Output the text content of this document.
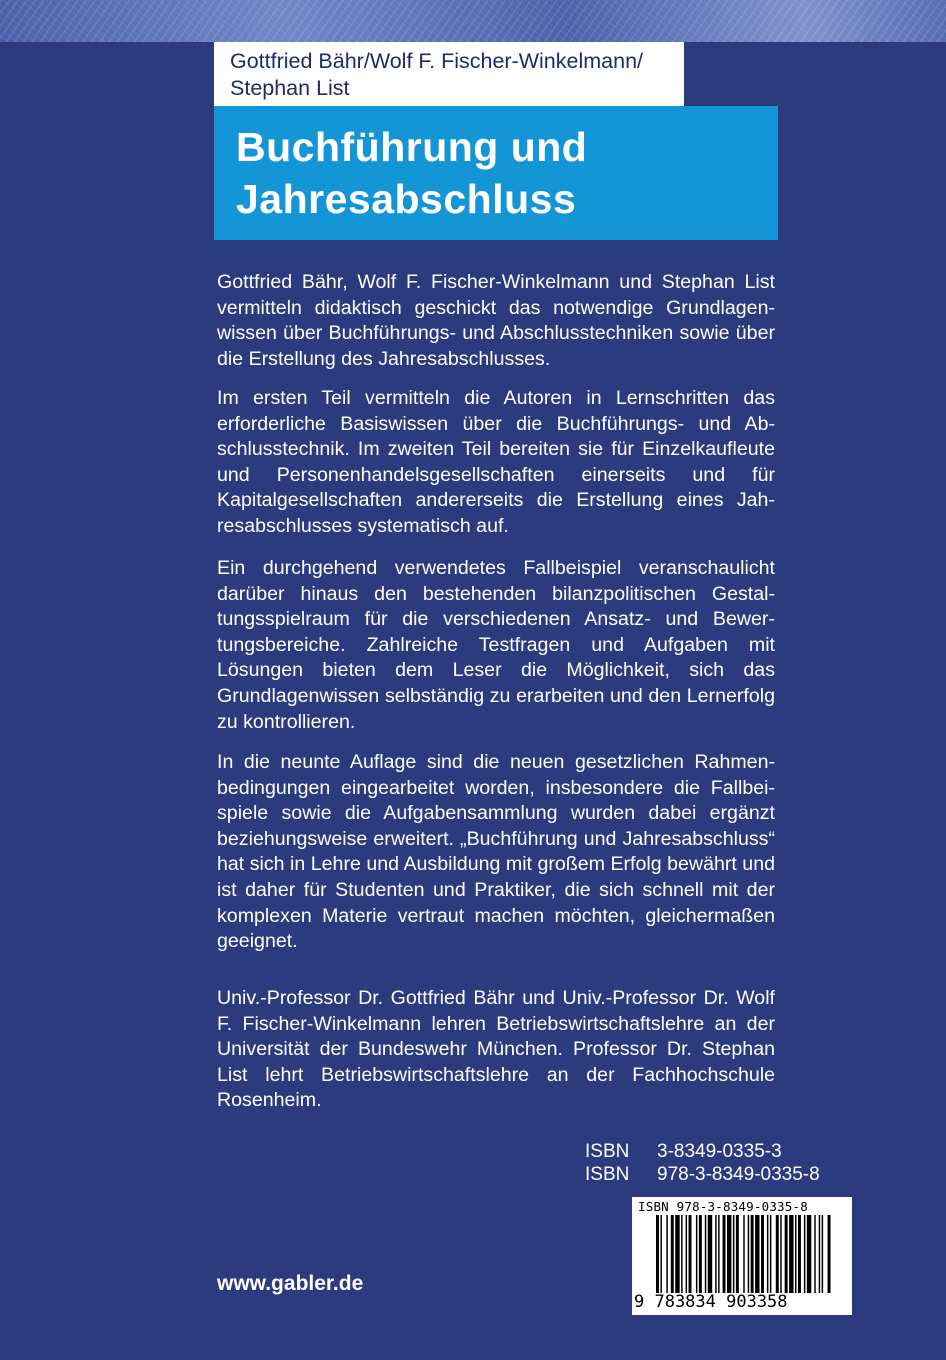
Gottfried Bähr/Wolf F. Fischer-Winkelmann/
Stephan List
Buchführung und
Jahresabschluss

Gottfried Bähr, Wolf F. Fischer-Winkelmann und Stephan List vermitteln didaktisch geschickt das notwendige Grundlagenwissen über Buchführungs- und Abschlusstechniken sowie über die Erstellung des Jahresabschlusses.

Im ersten Teil vermitteln die Autoren in Lernschritten das erforderliche Basiswissen über die Buchführungs- und Abschlusstechnik. Im zweiten Teil bereiten sie für Einzelkaufleute und Personenhandelsgesellschaften einerseits und für Kapitalgesellschaften andererseits die Erstellung eines Jahresabschlusses systematisch auf.

Ein durchgehend verwendetes Fallbeispiel veranschaulicht darüber hinaus den bestehenden bilanzpolitischen Gestaltungsspielraum für die verschiedenen Ansatz- und Bewertungsbereiche. Zahlreiche Testfragen und Aufgaben mit Lösungen bieten dem Leser die Möglichkeit, sich das Grundlagenwissen selbständig zu erarbeiten und den Lernerfolg zu kontrollieren.

In die neunte Auflage sind die neuen gesetzlichen Rahmenbedingungen eingearbeitet worden, insbesondere die Fallbeispiele sowie die Aufgabensammlung wurden dabei ergänzt beziehungsweise erweitert. „Buchführung und Jahresabschluss“ hat sich in Lehre und Ausbildung mit großem Erfolg bewährt und ist daher für Studenten und Praktiker, die sich schnell mit der komplexen Materie vertraut machen möchten, gleichermaßen geeignet.

Univ.-Professor Dr. Gottfried Bähr und Univ.-Professor Dr. Wolf F. Fischer-Winkelmann lehren Betriebswirtschaftslehre an der Universität der Bundeswehr München. Professor Dr. Stephan List lehrt Betriebswirtschaftslehre an der Fachhochschule Rosenheim.

ISBN 3-8349-0335-3
ISBN 978-3-8349-0335-8
ISBN 978-3-8349-0335-8
9 783834 903358
www.gabler.de
